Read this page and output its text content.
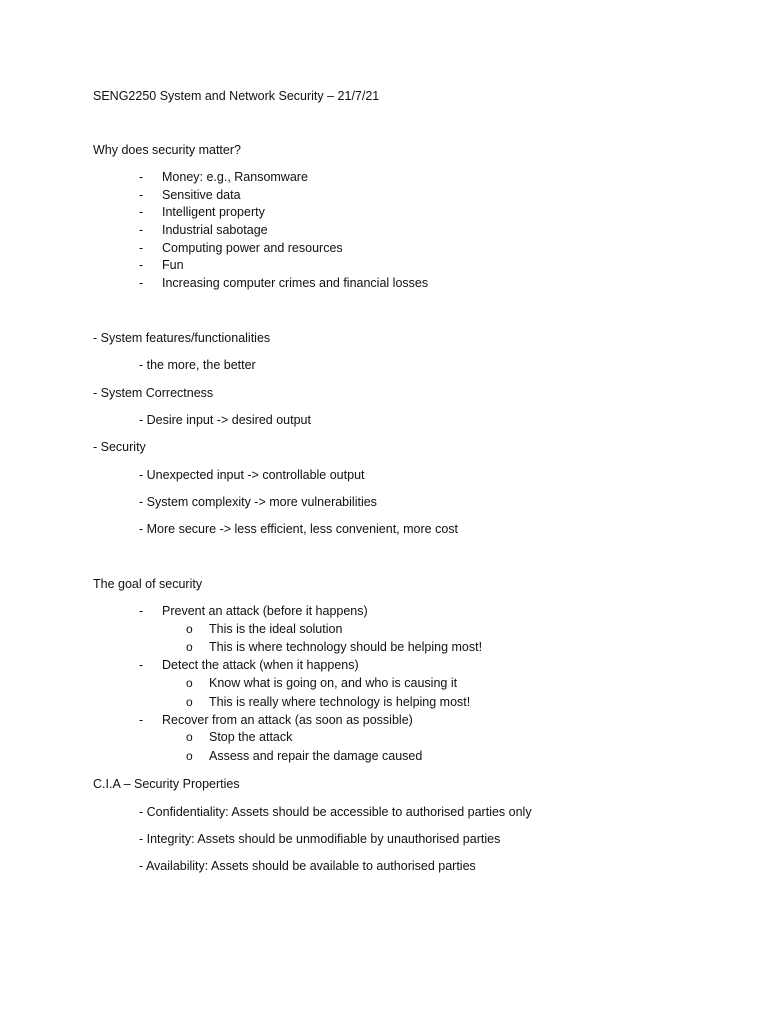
SENG2250 System and Network Security – 21/7/21
Why does security matter?
- Money: e.g., Ransomware
- Sensitive data
- Intelligent property
- Industrial sabotage
- Computing power and resources
- Fun
- Increasing computer crimes and financial losses
- System features/functionalities
- the more, the better
- System Correctness
- Desire input -> desired output
- Security
- Unexpected input -> controllable output
- System complexity -> more vulnerabilities
- More secure -> less efficient, less convenient, more cost
The goal of security
- Prevent an attack (before it happens)
o This is the ideal solution
o This is where technology should be helping most!
- Detect the attack (when it happens)
o Know what is going on, and who is causing it
o This is really where technology is helping most!
- Recover from an attack (as soon as possible)
o Stop the attack
o Assess and repair the damage caused
C.I.A – Security Properties
- Confidentiality: Assets should be accessible to authorised parties only
- Integrity: Assets should be unmodifiable by unauthorised parties
- Availability: Assets should be available to authorised parties
